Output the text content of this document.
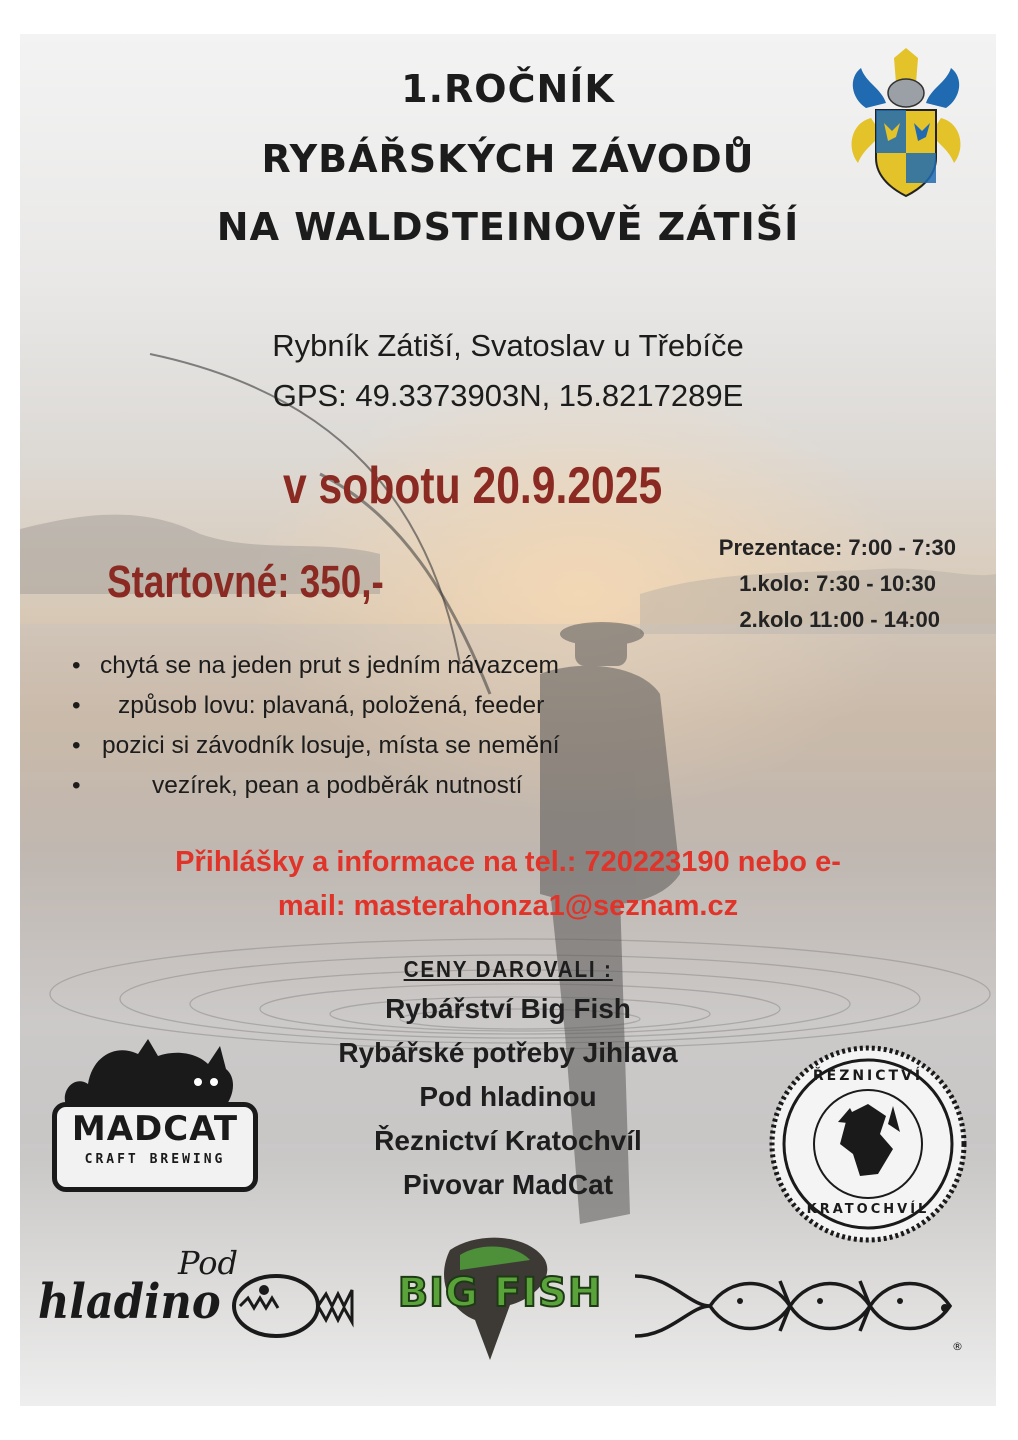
1.ROČNÍK
RYBÁŘSKÝCH ZÁVODŮ
NA WALDSTEINOVĚ ZÁTIŠÍ
Rybník Zátiší, Svatoslav u Třebíče
GPS: 49.3373903N, 15.8217289E
v sobotu 20.9.2025
Startovné: 350,-
Prezentace: 7:00 - 7:30
1.kolo: 7:30 - 10:30
2.kolo 11:00 - 14:00
• chytá se na jeden prut s jedním návazcem
• způsob lovu: plavaná, položená, feeder
• pozici si závodník losuje, místa se nemění
•	vezírek, pean a podběrák nutností
Přihlášky a informace na tel.: 720223190 nebo e-
mail: masterahonza1@seznam.cz
CENY DAROVALI :
Rybářství Big Fish
Rybářské potřeby Jihlava
Pod hladinou
Řeznictví Kratochvíl
Pivovar MadCat
MADCAT
CRAFT BREWING
ŘEZNICTVÍ
KRATOCHVÍL
Pod
hladino	BIG FISH
®
